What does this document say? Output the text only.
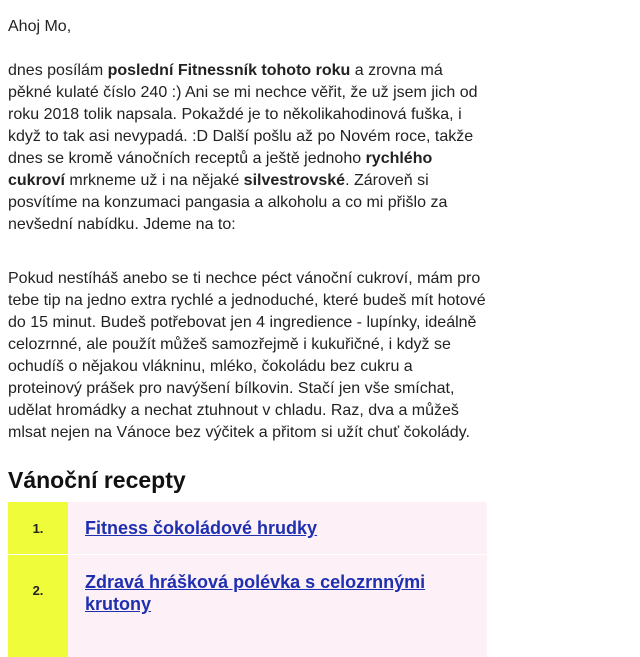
Ahoj Mo,

dnes posílám poslední Fitnessník tohoto roku a zrovna má pěkné kulaté číslo 240 :) Ani se mi nechce věřit, že už jsem jich od roku 2018 tolik napsala. Pokaždé je to několikahodinová fuška, i když to tak asi nevypadá. :D Další pošlu až po Novém roce, takže dnes se kromě vánočních receptů a ještě jednoho rychlého cukroví mrkneme už i na nějaké silvestrovské. Zároveň si posvítíme na konzumaci pangasia a alkoholu a co mi přišlo za nevšední nabídku. Jdeme na to:

Pokud nestíháš anebo se ti nechce péct vánoční cukroví, mám pro tebe tip na jedno extra rychlé a jednoduché, které budeš mít hotové do 15 minut. Budeš potřebovat jen 4 ingredience - lupínky, ideálně celozrnné, ale použít můžeš samozřejmě i kukuřičné, i když se ochudíš o nějakou vlákninu, mléko, čokoládu bez cukru a proteinový prášek pro navýšení bílkovin. Stačí jen vše smíchat, udělat hromádky a nechat ztuhnout v chladu. Raz, dva a můžeš mlsat nejen na Vánoce bez výčitek a přitom si užít chuť čokolády.

Vánoční recepty
1.	Fitness čokoládové hrudky
2.	Zdravá hrášková polévka s celozrnnými krutony
